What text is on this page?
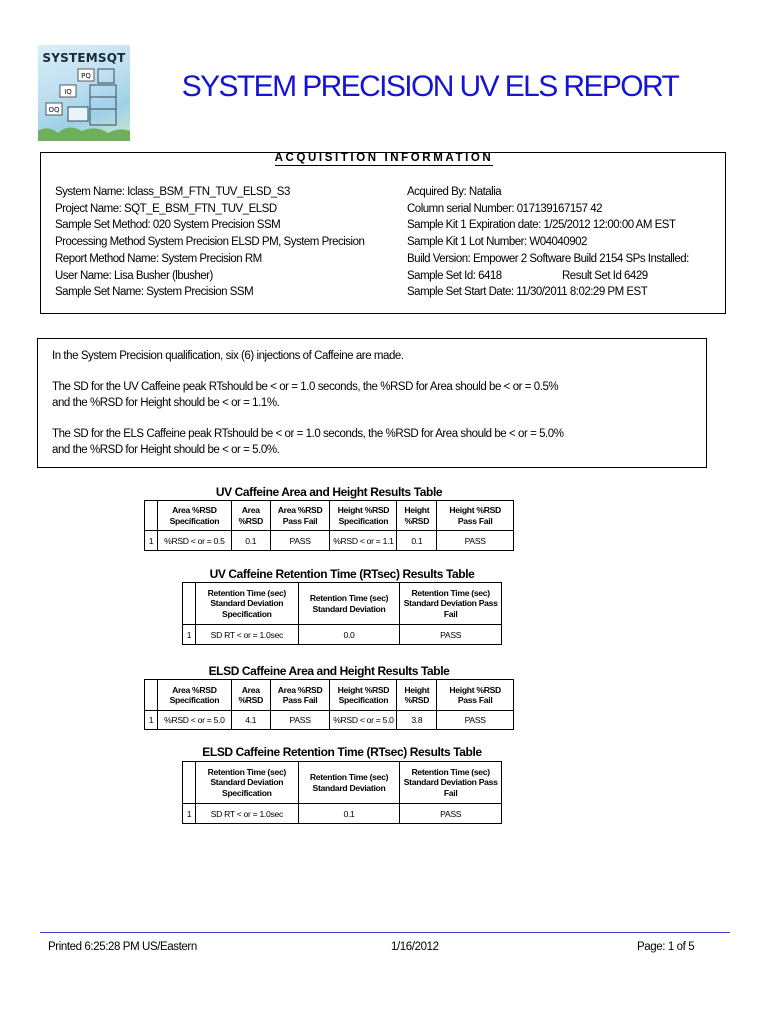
SYSTEMSQT
PQ
IQ
OQ
SYSTEM PRECISION UV ELS REPORT
ACQUISITION INFORMATION
System Name: Iclass_BSM_FTN_TUV_ELSD_S3
Project Name: SQT_E_BSM_FTN_TUV_ELSD
Sample Set Method: 020 System Precision SSM
Processing Method System Precision ELSD PM, System Precision
Report Method Name: System Precision RM
User Name: Lisa Busher (lbusher)
Sample Set Name: System Precision SSM
Acquired By: Natalia
Column serial Number: 017139167157 42
Sample Kit 1 Expiration date: 1/25/2012 12:00:00 AM EST
Sample Kit 1 Lot Number: W04040902
Build Version: Empower 2 Software Build 2154 SPs Installed:
Sample Set Id: 6418	Result Set Id 6429
Sample Set Start Date: 11/30/2011 8:02:29 PM EST

In the System Precision qualification, six (6) injections of Caffeine are made.

The SD for the UV Caffeine peak RTshould be < or = 1.0 seconds, the %RSD for Area should be < or = 0.5%
and the %RSD for Height should be < or = 1.1%.

The SD for the ELS Caffeine peak RTshould be < or = 1.0 seconds, the %RSD for Area should be < or = 5.0%
and the %RSD for Height should be < or = 5.0%.

UV Caffeine Area and Height Results Table
	Area %RSD Specification	Area %RSD	Area %RSD Pass Fail	Height %RSD Specification	Height %RSD	Height %RSD Pass Fail
1	%RSD < or = 0.5	0.1	PASS	%RSD < or = 1.1	0.1	PASS
UV Caffeine Retention Time (RTsec) Results Table
	Retention Time (sec) Standard Deviation Specification	Retention Time (sec) Standard Deviation	Retention Time (sec) Standard Deviation Pass Fail
1	SD RT < or = 1.0sec	0.0	PASS
ELSD Caffeine Area and Height Results Table
	Area %RSD Specification	Area %RSD	Area %RSD Pass Fail	Height %RSD Specification	Height %RSD	Height %RSD Pass Fail
1	%RSD < or = 5.0	4.1	PASS	%RSD < or = 5.0	3.8	PASS
ELSD Caffeine Retention Time (RTsec) Results Table
	Retention Time (sec) Standard Deviation Specification	Retention Time (sec) Standard Deviation	Retention Time (sec) Standard Deviation Pass Fail
1	SD RT < or = 1.0sec	0.1	PASS
Printed 6:25:28 PM US/Eastern	1/16/2012	Page: 1 of 5
